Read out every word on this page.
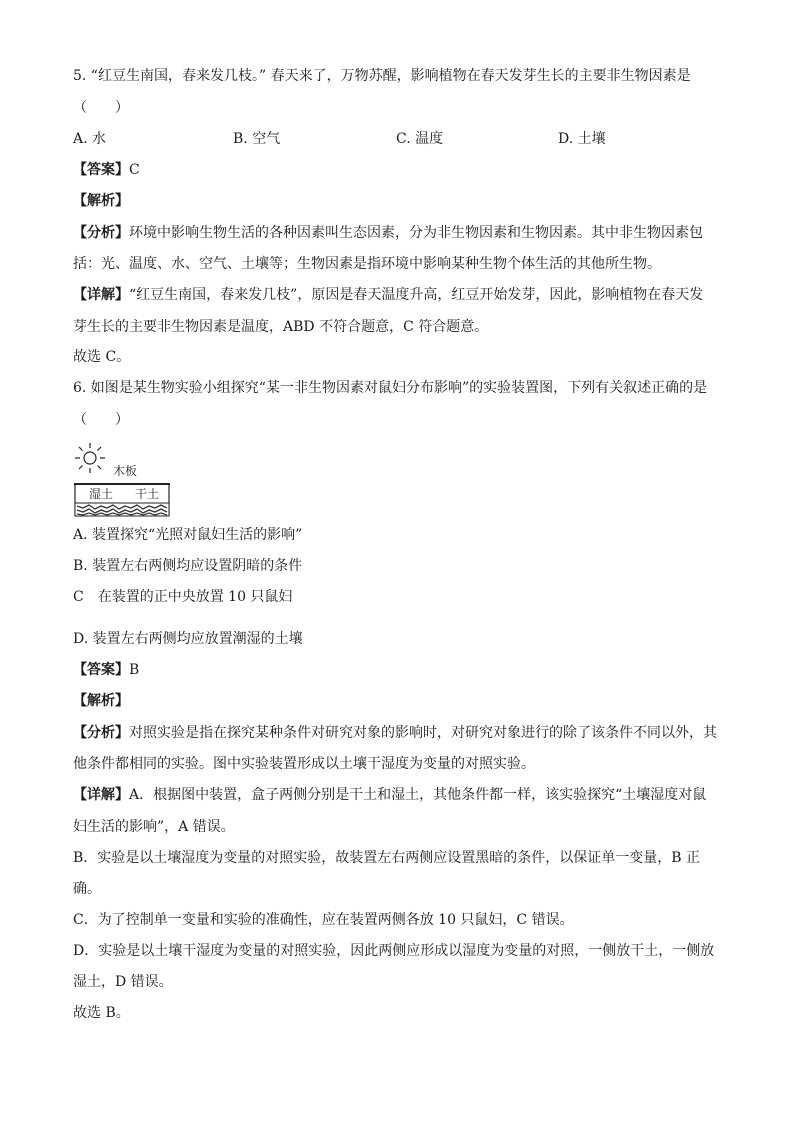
5. “红豆生南国，春来发几枝。” 春天来了，万物苏醒，影响植物在春天发芽生长的主要非生物因素是
（　　）
A. 水	B. 空气	C. 温度	D. 土壤
【答案】C
【解析】
【分析】环境中影响生物生活的各种因素叫生态因素，分为非生物因素和生物因素。其中非生物因素包
括：光、温度、水、空气、土壤等；生物因素是指环境中影响某种生物个体生活的其他所生物。
【详解】“红豆生南国，春来发几枝”，原因是春天温度升高，红豆开始发芽，因此，影响植物在春天发
芽生长的主要非生物因素是温度，ABD 不符合题意，C 符合题意。
故选 C。
6. 如图是某生物实验小组探究“某一非生物因素对鼠妇分布影响”的实验装置图，下列有关叙述正确的是
（　　）
木板
湿土 干土
A. 装置探究“光照对鼠妇生活的影响”
B. 装置左右两侧均应设置阴暗的条件
C　在装置的正中央放置 10 只鼠妇
D. 装置左右两侧均应放置潮湿的土壤
【答案】B
【解析】
【分析】对照实验是指在探究某种条件对研究对象的影响时，对研究对象进行的除了该条件不同以外，其
他条件都相同的实验。图中实验装置形成以土壤干湿度为变量的对照实验。
【详解】A．根据图中装置，盒子两侧分别是干土和湿土，其他条件都一样，该实验探究“土壤湿度对鼠
妇生活的影响”，A 错误。
B．实验是以土壤湿度为变量的对照实验，故装置左右两侧应设置黑暗的条件，以保证单一变量，B 正
确。
C．为了控制单一变量和实验的准确性，应在装置两侧各放 10 只鼠妇，C 错误。
D．实验是以土壤干湿度为变量的对照实验，因此两侧应形成以湿度为变量的对照，一侧放干土，一侧放
湿土，D 错误。
故选 B。
